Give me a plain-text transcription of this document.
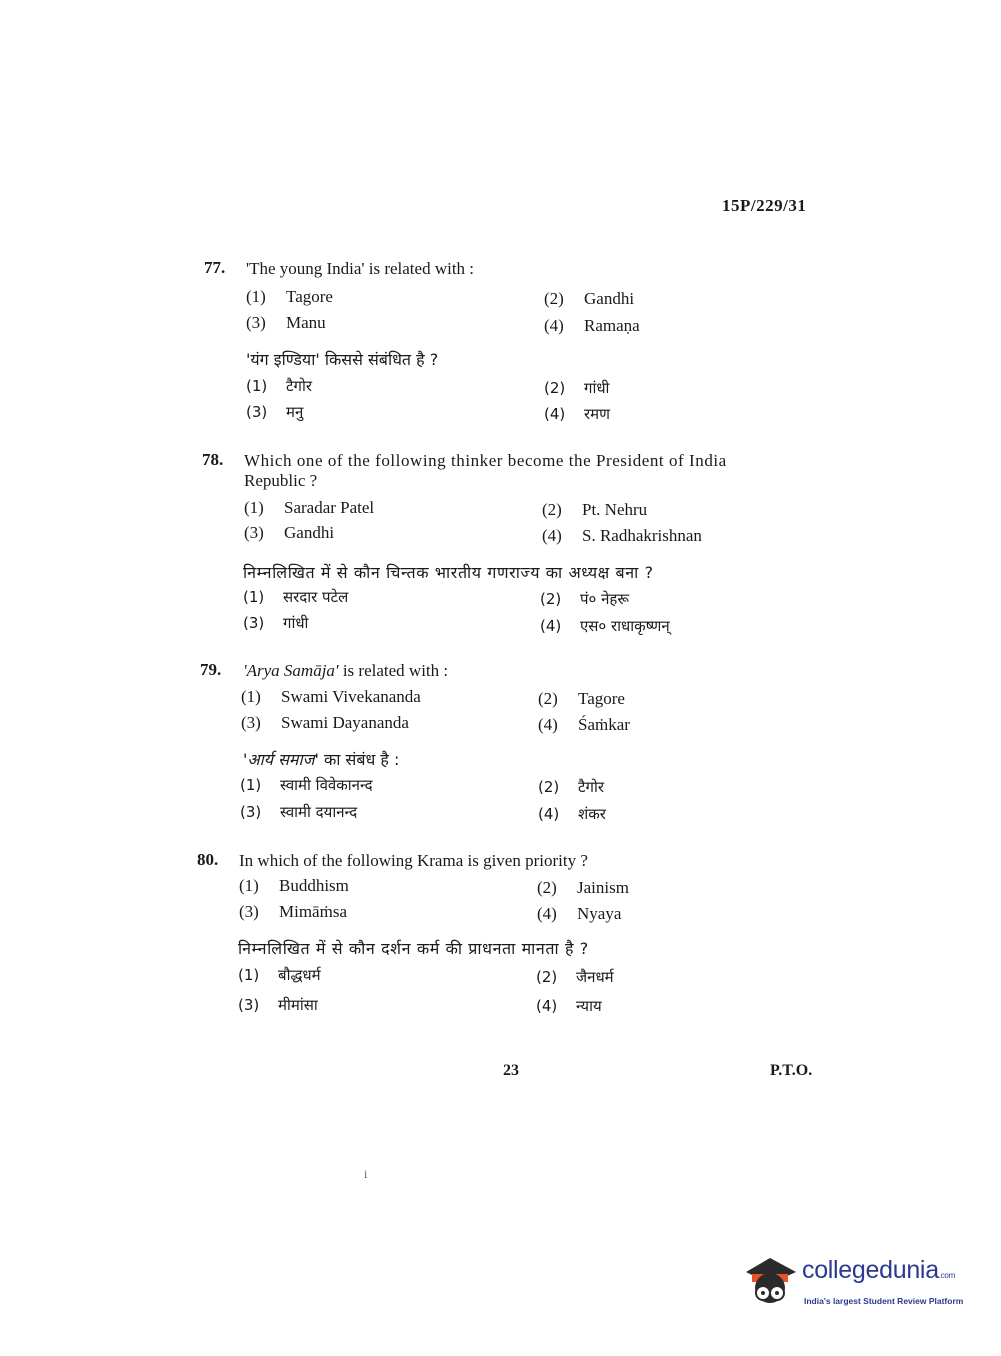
15P/229/31
77. 'The young India' is related with :
(1) Tagore	(2) Gandhi
(3) Manu	(4) Ramaṇa
'यंग इण्डिया' किससे संबंधित है ?
(1) टैगोर	(2) गांधी
(3) मनु	(4) रमण
78. Which one of the following thinker become the President of India
Republic ?
(1) Saradar Patel	(2) Pt. Nehru
(3) Gandhi	(4) S. Radhakrishnan
निम्नलिखित में से कौन चिन्तक भारतीय गणराज्य का अध्यक्ष बना ?
(1) सरदार पटेल	(2) पं० नेहरू
(3) गांधी	(4) एस० राधाकृष्णन्
79. 'Arya Samāja' is related with :
(1) Swami Vivekananda	(2) Tagore
(3) Swami Dayananda	(4) Śaṁkar
'आर्य समाज' का संबंध है :
(1) स्वामी विवेकानन्द	(2) टैगोर
(3) स्वामी दयानन्द	(4) शंकर
80. In which of the following Krama is given priority ?
(1) Buddhism	(2) Jainism
(3) Mimāṁsa	(4) Nyaya
निम्नलिखित में से कौन दर्शन कर्म की प्राधनता मानता है ?
(1) बौद्धधर्म	(2) जैनधर्म
(3) मीमांसा	(4) न्याय
23	P.T.O.
i
collegedunia.com
India's largest Student Review Platform
